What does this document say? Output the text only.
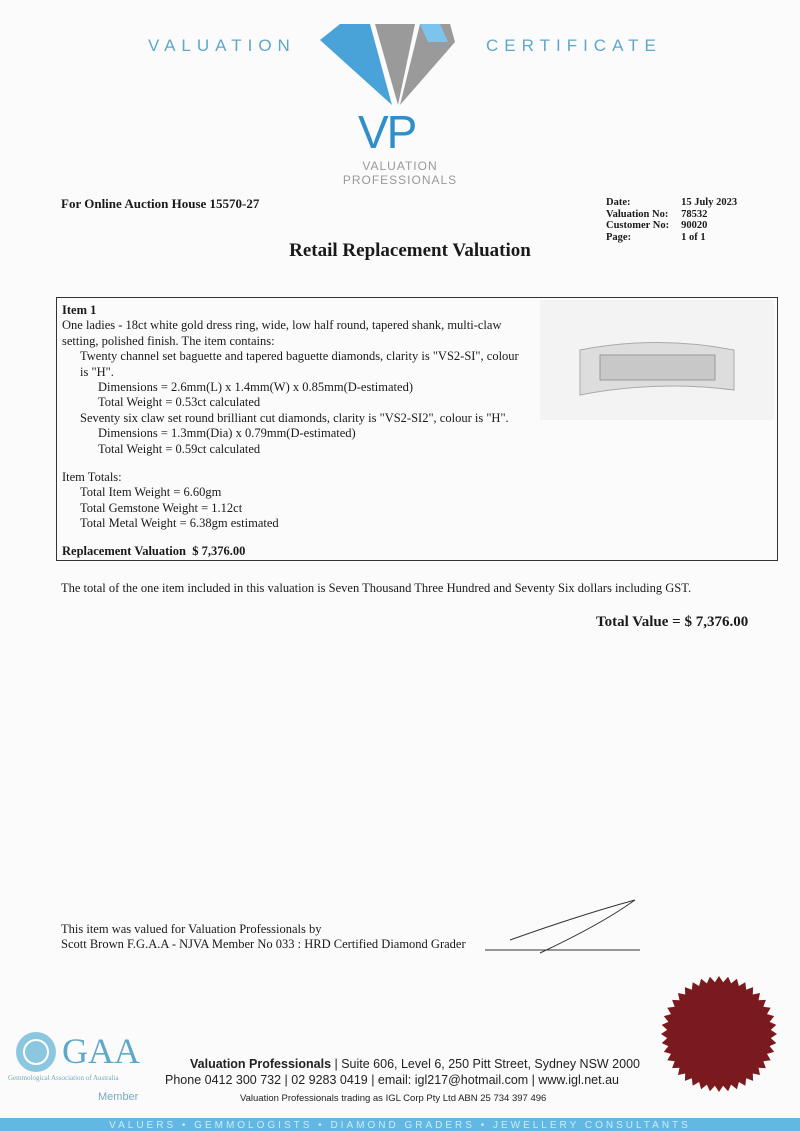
VALUATION	CERTIFICATE
VP
VALUATION
PROFESSIONALS
For Online Auction House 15570-27	Date:	15 July 2023
Valuation No:	78532
Customer No:	90020
Page:	1 of 1
Retail Replacement Valuation
Item 1
One ladies - 18ct white gold dress ring, wide, low half round, tapered shank, multi-claw
setting, polished finish. The item contains:
Twenty channel set baguette and tapered baguette diamonds, clarity is "VS2-SI", colour
is "H".
Dimensions = 2.6mm(L) x 1.4mm(W) x 0.85mm(D-estimated)
Total Weight = 0.53ct calculated
Seventy six claw set round brilliant cut diamonds, clarity is "VS2-SI2", colour is "H".
Dimensions = 1.3mm(Dia) x 0.79mm(D-estimated)
Total Weight = 0.59ct calculated
Item Totals:
Total Item Weight = 6.60gm
Total Gemstone Weight = 1.12ct
Total Metal Weight = 6.38gm estimated
Replacement Valuation $ 7,376.00
The total of the one item included in this valuation is Seven Thousand Three Hundred and Seventy Six dollars including GST.
Total Value = $ 7,376.00
This item was valued for Valuation Professionals by
Scott Brown F.G.A.A - NJVA Member No 033 : HRD Certified Diamond Grader
GAA
Gemmological Association of Australia
Member
Valuation Professionals | Suite 606, Level 6, 250 Pitt Street, Sydney NSW 2000
Phone 0412 300 732 | 02 9283 0419 | email: igl217@hotmail.com | www.igl.net.au
Valuation Professionals trading as IGL Corp Pty Ltd ABN 25 734 397 496
VALUERS • GEMMOLOGISTS • DIAMOND GRADERS • JEWELLERY CONSULTANTS
